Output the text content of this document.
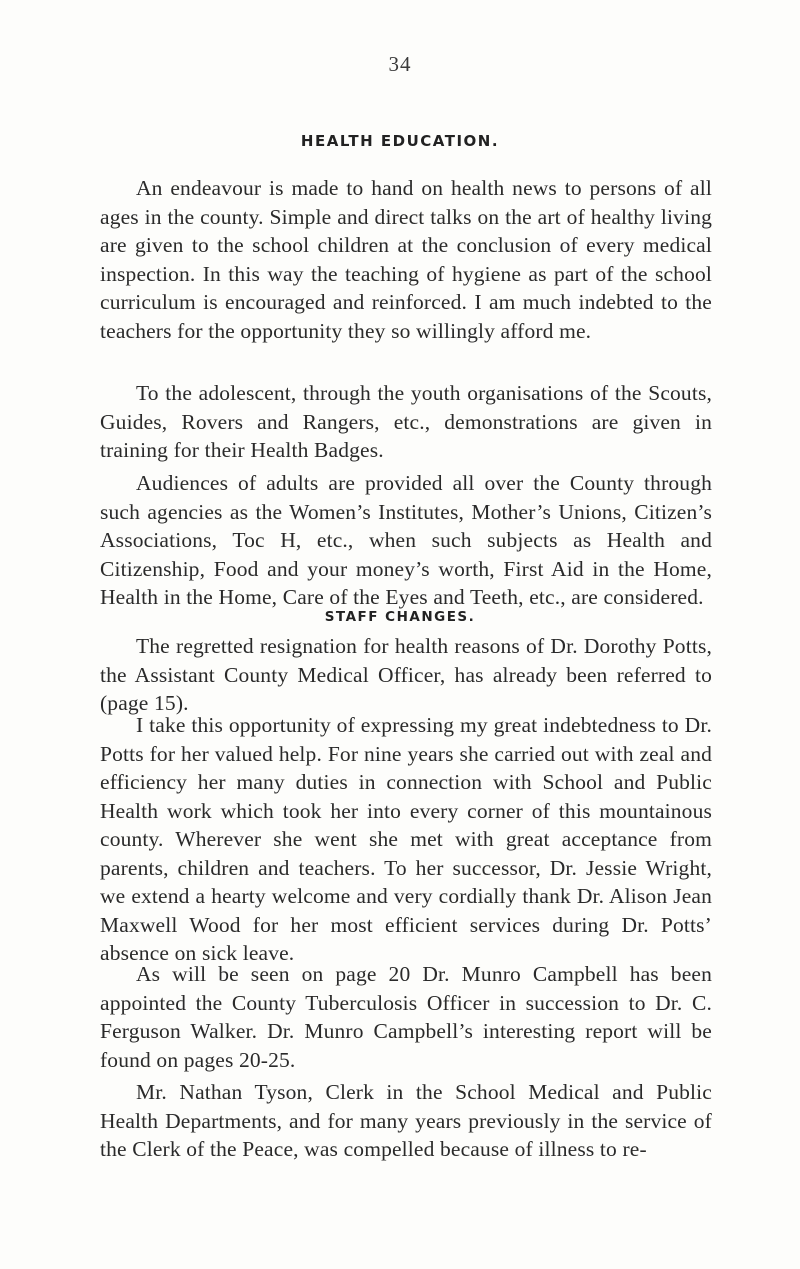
34
HEALTH EDUCATION.

An endeavour is made to hand on health news to persons of all ages in the county. Simple and direct talks on the art of healthy living are given to the school children at the conclusion of every medical inspection. In this way the teaching of hygiene as part of the school curriculum is encouraged and reinforced. I am much indebted to the teachers for the opportunity they so willingly afford me.

To the adolescent, through the youth organisations of the Scouts, Guides, Rovers and Rangers, etc., demonstrations are given in training for their Health Badges.

Audiences of adults are provided all over the County through such agencies as the Women’s Institutes, Mother’s Unions, Citizen’s Associations, Toc H, etc., when such subjects as Health and Citizenship, Food and your money’s worth, First Aid in the Home, Health in the Home, Care of the Eyes and Teeth, etc., are considered.

STAFF CHANGES.

The regretted resignation for health reasons of Dr. Dorothy Potts, the Assistant County Medical Officer, has already been referred to (page 15).

I take this opportunity of expressing my great indebtedness to Dr. Potts for her valued help. For nine years she carried out with zeal and efficiency her many duties in connection with School and Public Health work which took her into every corner of this mountainous county. Wherever she went she met with great acceptance from parents, children and teachers. To her successor, Dr. Jessie Wright, we extend a hearty welcome and very cordially thank Dr. Alison Jean Maxwell Wood for her most efficient services during Dr. Potts’ absence on sick leave.

As will be seen on page 20 Dr. Munro Campbell has been appointed the County Tuberculosis Officer in succession to Dr. C. Ferguson Walker. Dr. Munro Campbell’s interesting report will be found on pages 20-25.

Mr. Nathan Tyson, Clerk in the School Medical and Public Health Departments, and for many years previously in the service of the Clerk of the Peace, was compelled because of illness to re-
